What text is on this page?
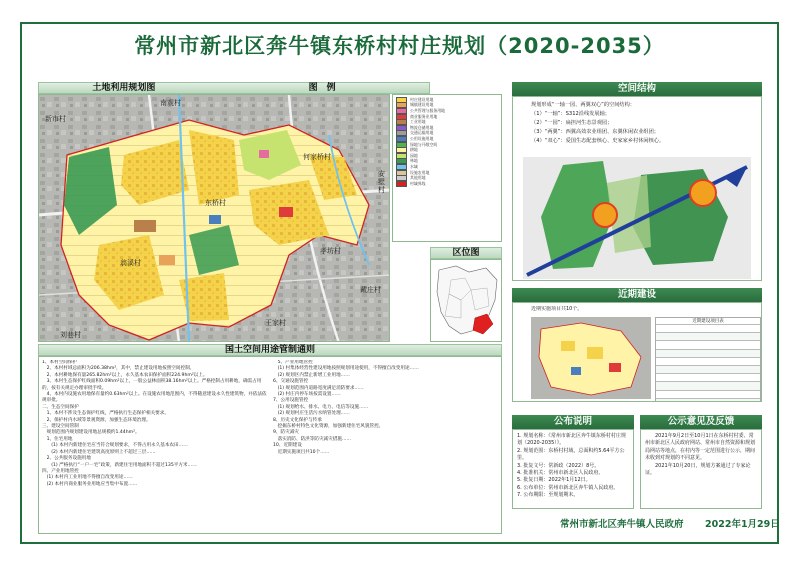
常州市新北区奔牛镇东桥村村庄规划（2020-2035）
土地利用规划图	图　例
南观村
新市村
何家桥村
安墅村
东桥村
孝坊村
翁溪村
戴庄村
刘巷村
王家村
村庄建设用地
城镇建设用地
公共管理与服务用地
商业服务业用地
工业用地
物流仓储用地
交通运输用地
公用设施用地
绿地与开敞空间
耕地
园地
林地
水域
设施农用地
其他用地
村域界线
区位图
国土空间用途管制通则
1、本村空间保护
　2、本村村域总面积为206.38hm²，其中，禁止建设用地按照空间控制。
　2、本村耕地保有量265.82hm²以上，永久基本农田保护面积224.9hm²以上。
　3、本村生态保护红线面积0.09hm²以上，一般公益林面积38.16hm²以上。严格控制占用耕地，确需占用的，按有关规定办理审批手续。
　4、本村内设施农用地保有量约0.63hm²以上。在设施农用地范围内，不得随意建设永久性建筑物，并依法依规审批。
二、生态空间保护
　1、本村不涉及生态保护红线，严格执行生态保护相关要求。
　2、保护村内水域等景观资源，加强生态环境治理。
三、建设空间管制
　规划范围内规划建设用地总规模约1.44hm²。
　1、住宅用地
　　(1) 本村内新建住宅应当符合规划要求，不得占用永久基本农田……
　　(2) 本村内新建住宅建筑高度原则上不超过三层……
　2、公共服务设施用地
　　(1) 严格执行“一户一宅”政策，新建住宅用地面积不超过135平方米……
四、产业用地管控
　(1) 本村内工业用地不得擅自改变用途……
　(2) 本村内商业服务业用地应当集中布置……
　5、产业用地管控
　(1) 村集体经营性建设用地按照规划用途使用，不得擅自改变用途……
　(2) 规划区内禁止新增工业用地……
6、交通设施管控
　(1) 规划范围内道路宽度满足消防要求……
　(2) 村庄内停车场按需设置……
7、公用设施管控
　(1) 规划给水、排水、电力、电信等设施……
　(2) 规划村庄生活污水纳管处理……
8、历史文化保护与传承
　挖掘东桥村特色文化资源，加强新建住宅风貌管控。
9、防灾减灾
　落实消防、防洪等防灾减灾措施……
10、近期建设
　近期实施项目共10个……
空间结构
规划形成“一轴一园、两翼双心”的空间结构：
（1）“一轴”：S312沿线发展轴；
（2）“一园”：扁担河生态景观园；
（3）“两翼”：西翼高效农业组团、东翼休闲农业组团；
（4）“双心”：爱国生态配套核心、史家家乡村休闲核心。
近期建设
近期实施项目共10个。
近期建设项目表
公布说明
1. 规划名称：《常州市新北区奔牛镇东桥村村庄规划（2020-2035）》。
2. 规划范围：东桥村村域，总面积约5.64平方公里。
3. 批复文号：常新政（2022）8号。
4. 批准机关：常州市新北区人民政府。
5. 批复日期：2022年1月12日。
6. 公布单位：常州市新北区奔牛镇人民政府。
7. 公布期限：至规划期末。
公示意见及反馈
2021年9月2日至10月1日在东桥村村委、常州市新北区人民政府网站、常州市自然资源和规划局网站等地点，在村内等一定范围进行公示，期间未收到对规划的不同意见。
2021年10月20日，规划方案通过了专家论证。
常州市新北区奔牛镇人民政府 2022年1月29日
